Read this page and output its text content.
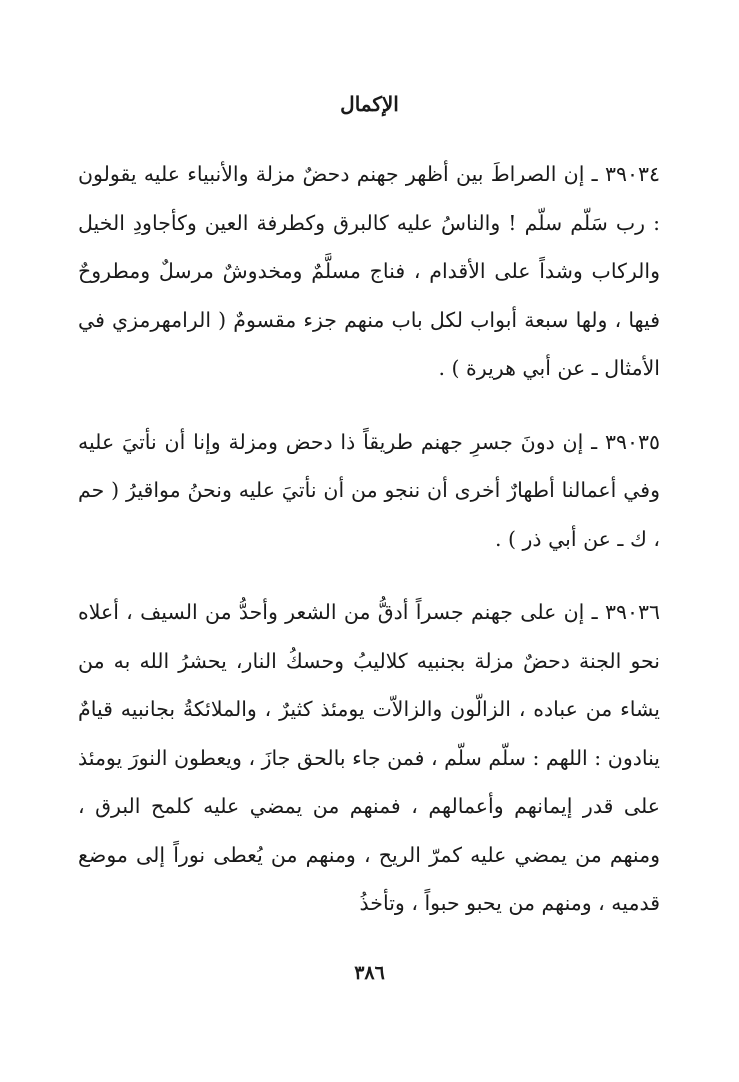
الإكمال

٣٩٠٣٤ ـ إن الصراطَ بين أظهر جهنم دحضٌ مزلة والأنبياء عليه يقولون : رب سَلّم سلّم ! والناسُ عليه كالبرق وكطرفة العين وكأجاودِ الخيل والركاب وشداً على الأقدام ، فناج مسلَّمٌ ومخدوشٌ مرسلٌ ومطروحٌ فيها ، ولها سبعة أبواب لكل باب منهم جزء مقسومٌ ( الرامهرمزي في الأمثال ـ عن أبي هريرة ) .

٣٩٠٣٥ ـ إن دونَ جسرِ جهنم طريقاً ذا دحض ومزلة وإنا أن نأتيَ عليه وفي أعمالنا أطهارٌ أخرى أن ننجو من أن نأتيَ عليه ونحنُ مواقيرُ ( حم ، ك ـ عن أبي ذر ) .

٣٩٠٣٦ ـ إن على جهنم جسراً أدقُّ من الشعر وأحدُّ من السيف ، أعلاه نحو الجنة دحضٌ مزلة بجنبيه كلاليبُ وحسكُ النار، يحشرُ الله به من يشاء من عباده ، الزالّون والزالاّت يومئذ كثيرٌ ، والملائكةُ بجانبيه قيامٌ ينادون : اللهم : سلّم سلّم ، فمن جاء بالحق جازَ ، ويعطون النورَ يومئذ على قدر إيمانهم وأعمالهم ، فمنهم من يمضي عليه كلمح البرق ، ومنهم من يمضي عليه كمرّ الريح ، ومنهم من يُعطى نوراً إلى موضع قدميه ، ومنهم من يحبو حبواً ، وتأخذُ

٣٨٦
